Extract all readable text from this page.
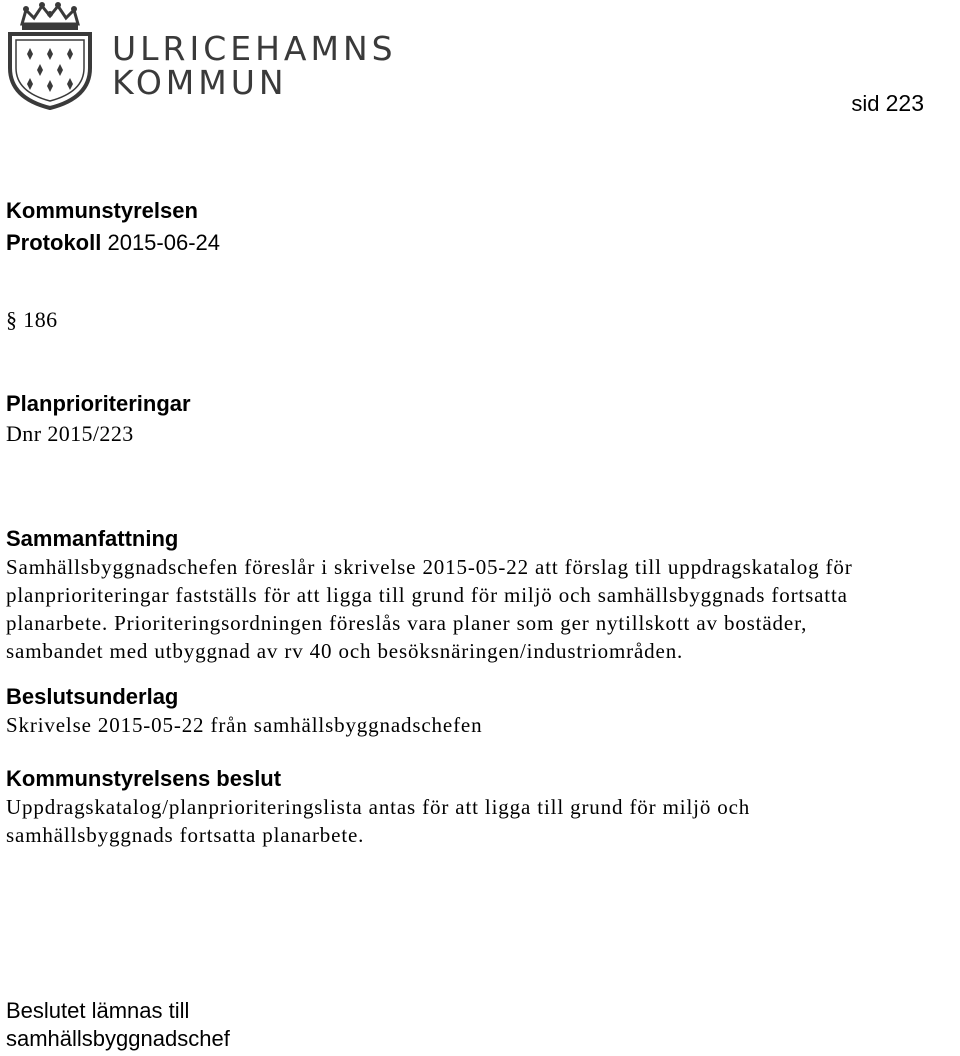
ULRICEHAMNS
KOMMUN
sid 223
Kommunstyrelsen
Protokoll 2015-06-24
§ 186
Planprioriteringar
Dnr 2015/223
Sammanfattning
Samhällsbyggnadschefen föreslår i skrivelse 2015-05-22 att förslag till uppdragskatalog för
planprioriteringar fastställs för att ligga till grund för miljö och samhällsbyggnads fortsatta
planarbete. Prioriteringsordningen föreslås vara planer som ger nytillskott av bostäder,
sambandet med utbyggnad av rv 40 och besöksnäringen/industriområden.
Beslutsunderlag
Skrivelse 2015-05-22 från samhällsbyggnadschefen
Kommunstyrelsens beslut
Uppdragskatalog/planprioriteringslista antas för att ligga till grund för miljö och
samhällsbyggnads fortsatta planarbete.
Beslutet lämnas till
samhällsbyggnadschef
